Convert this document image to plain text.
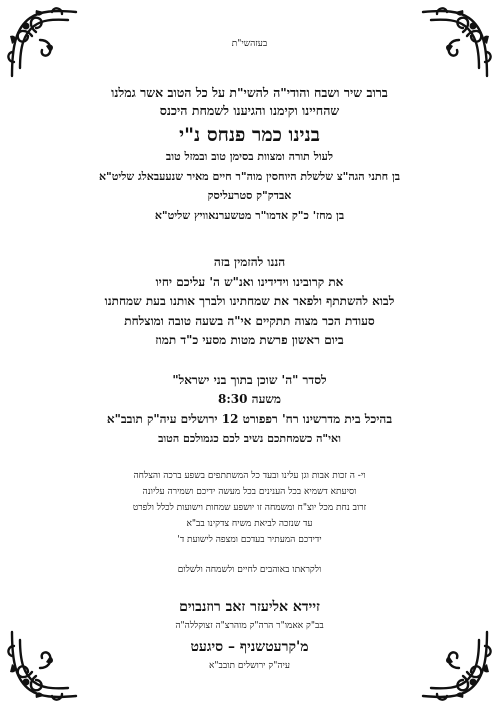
בעזהשי"ת
ברוב שיר ושבח והודי"ה להשי"ת על כל הטוב אשר גמלנו
שהחיינו וקימנו והגיענו לשמחת היכנס
בנינו כמר פנחס נ"י
לעול תורה ומצוות בסימן טוב ובמזל טוב
בן חתני הגה"צ שלשלת היוחסין מוה"ר חיים מאיר שנעעבאלג שליט"א
אבדק"ק סטרעליסק
בן מחז' כ"ק אדמו"ר מטשערנאוויץ שליט"א
הננו להזמין בזה
את קרובינו וידידינו ואנ"ש ה' עליכם יחיו
לבוא להשתתף ולפאר את שמחתינו ולברך אותנו בעת שמחתנו
סעודת הכר מצוה תתקיים אי"ה בשעה טובה ומוצלחת
ביום ראשון פרשת מטות מסעי כ"ד תמוז
לסדר "ה' שוכן בתוך בני ישראל"
משעה 8:30
בהיכל בית מדרשינו רח' רפפורט 12 ירושלים עיה"ק תובב"א
ואי"ה כשמחתכם נשיב לכם כגמולכם הטוב
וי- ה זכות אבות וגן עלינו ובעד כל המשתתפים בשפע ברכה והצלחה
וסיעתא דשמיא בכל הענינים בכל מעשה ידיכם ושמירה עליונה
זרוב נחת מכל יוצ"ח ומשמחה זו יושפע שמחות וישועות לכלל ולפרט
עד שנזכה לביאת משיח צדקינו בב"א
ידידכם המעתיר בעדכם ומצפה לישועת ד'
ולקראתו באוהבים לחיים ולשמחה ולשלום
זיידא אליעזר זאב רוזנבוים
בב"ק אאמו"ר הרה"ק מוהרצ"ה זצוקללה"ה
מ'קרעטשניף – סיגעט
עיה"ק ירושלים תובב"א
